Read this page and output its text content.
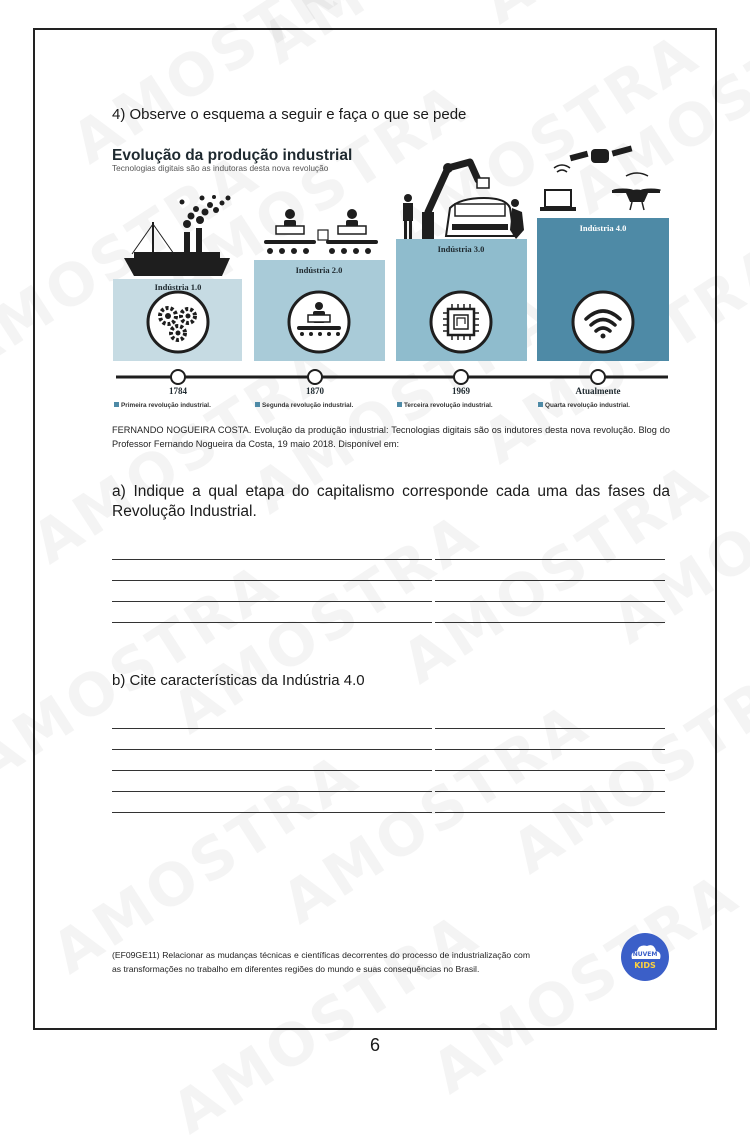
4) Observe o esquema a seguir e faça o que se pede
Evolução da produção industrial
Tecnologias digitais são as indutoras desta nova revolução
Indústria 1.0
Indústria 2.0
Indústria 3.0
Indústria 4.0
1784	1870	1969	Atualmente
Primeira revolução industrial.	Segunda revolução industrial.	Terceira revolução industrial.	Quarta revolução industrial.
FERNANDO NOGUEIRA COSTA. Evolução da produção industrial: Tecnologias digitais são os indutores desta nova revolução. Blog do Professor Fernando Nogueira da Costa, 19 maio 2018. Disponível em:
a) Indique a qual etapa do capitalismo corresponde cada uma das fases da Revolução Industrial.
b) Cite características da Indústria 4.0
(EF09GE11) Relacionar as mudanças técnicas e científicas decorrentes do processo de industrialização com as transformações no trabalho em diferentes regiões do mundo e suas consequências no Brasil.
NUVEM
KIDS
6
